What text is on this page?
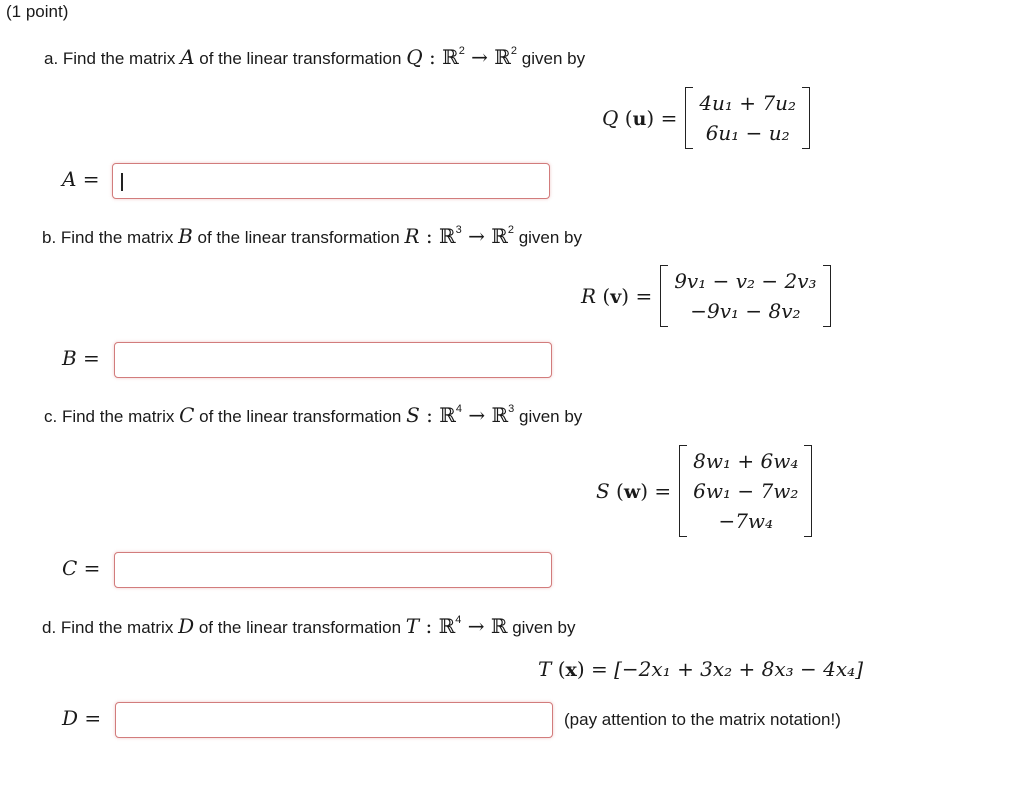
(1 point)
a. Find the matrix A of the linear transformation Q : ℝ$^2$ → ℝ$^2$ given by
Q (u) =
4u₁ + 7u₂
6u₁ − u₂
A =
b. Find the matrix B of the linear transformation R : ℝ$^3$ → ℝ$^2$ given by
R (v) =
9v₁ − v₂ − 2v₃
−9v₁ − 8v₂
B =
c. Find the matrix C of the linear transformation S : ℝ$^4$ → ℝ$^3$ given by
S (w) =
8w₁ + 6w₄
6w₁ − 7w₂
−7w₄
C =
d. Find the matrix D of the linear transformation T : ℝ$^4$ → ℝ given by
T (x) = [−2x₁ + 3x₂ + 8x₃ − 4x₄]
D =	(pay attention to the matrix notation!)
